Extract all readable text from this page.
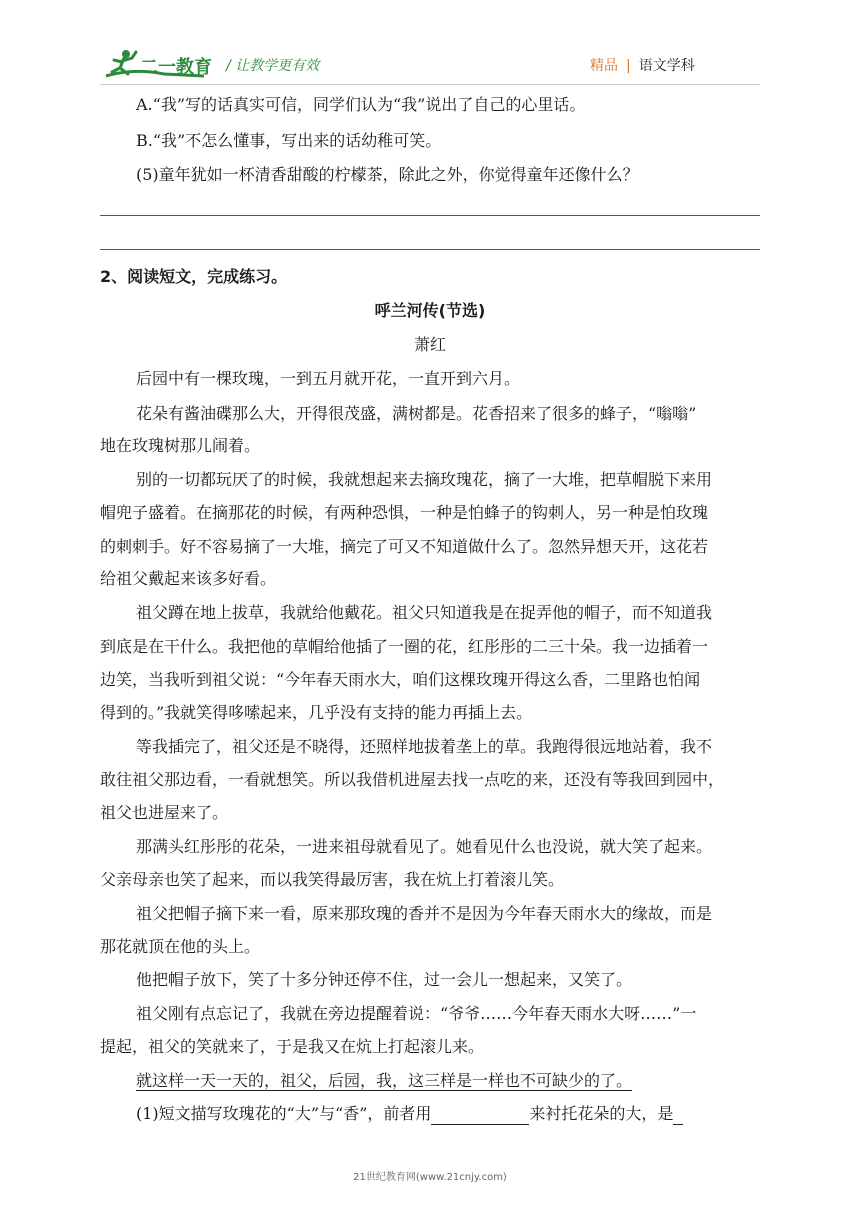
二一教育 / 让教学更有效	精品 | 语文学科
A.“我”写的话真实可信，同学们认为“我”说出了自己的心里话。
B.“我”不怎么懂事，写出来的话幼稚可笑。
(5)童年犹如一杯清香甜酸的柠檬茶，除此之外，你觉得童年还像什么？
2、阅读短文，完成练习。
呼兰河传(节选)
萧红
后园中有一棵玫瑰，一到五月就开花，一直开到六月。
花朵有酱油碟那么大，开得很茂盛，满树都是。花香招来了很多的蜂子，“嗡嗡”
地在玫瑰树那儿闹着。
别的一切都玩厌了的时候，我就想起来去摘玫瑰花，摘了一大堆，把草帽脱下来用
帽兜子盛着。在摘那花的时候，有两种恐惧，一种是怕蜂子的钩刺人，另一种是怕玫瑰
的刺刺手。好不容易摘了一大堆，摘完了可又不知道做什么了。忽然异想天开，这花若
给祖父戴起来该多好看。
祖父蹲在地上拔草，我就给他戴花。祖父只知道我是在捉弄他的帽子，而不知道我
到底是在干什么。我把他的草帽给他插了一圈的花，红彤彤的二三十朵。我一边插着一
边笑，当我听到祖父说：“今年春天雨水大，咱们这棵玫瑰开得这么香，二里路也怕闻
得到的。”我就笑得哆嗦起来，几乎没有支持的能力再插上去。
等我插完了，祖父还是不晓得，还照样地拔着垄上的草。我跑得很远地站着，我不
敢往祖父那边看，一看就想笑。所以我借机进屋去找一点吃的来，还没有等我回到园中，
祖父也进屋来了。
那满头红彤彤的花朵，一进来祖母就看见了。她看见什么也没说，就大笑了起来。
父亲母亲也笑了起来，而以我笑得最厉害，我在炕上打着滚儿笑。
祖父把帽子摘下来一看，原来那玫瑰的香并不是因为今年春天雨水大的缘故，而是
那花就顶在他的头上。
他把帽子放下，笑了十多分钟还停不住，过一会儿一想起来，又笑了。
祖父刚有点忘记了，我就在旁边提醒着说：“爷爷……今年春天雨水大呀……”一
提起，祖父的笑就来了，于是我又在炕上打起滚儿来。
就这样一天一天的，祖父，后园，我，这三样是一样也不可缺少的了。
(1)短文描写玫瑰花的“大”与“香”，前者用	来衬托花朵的大，是
21世纪教育网(www.21cnjy.com)
